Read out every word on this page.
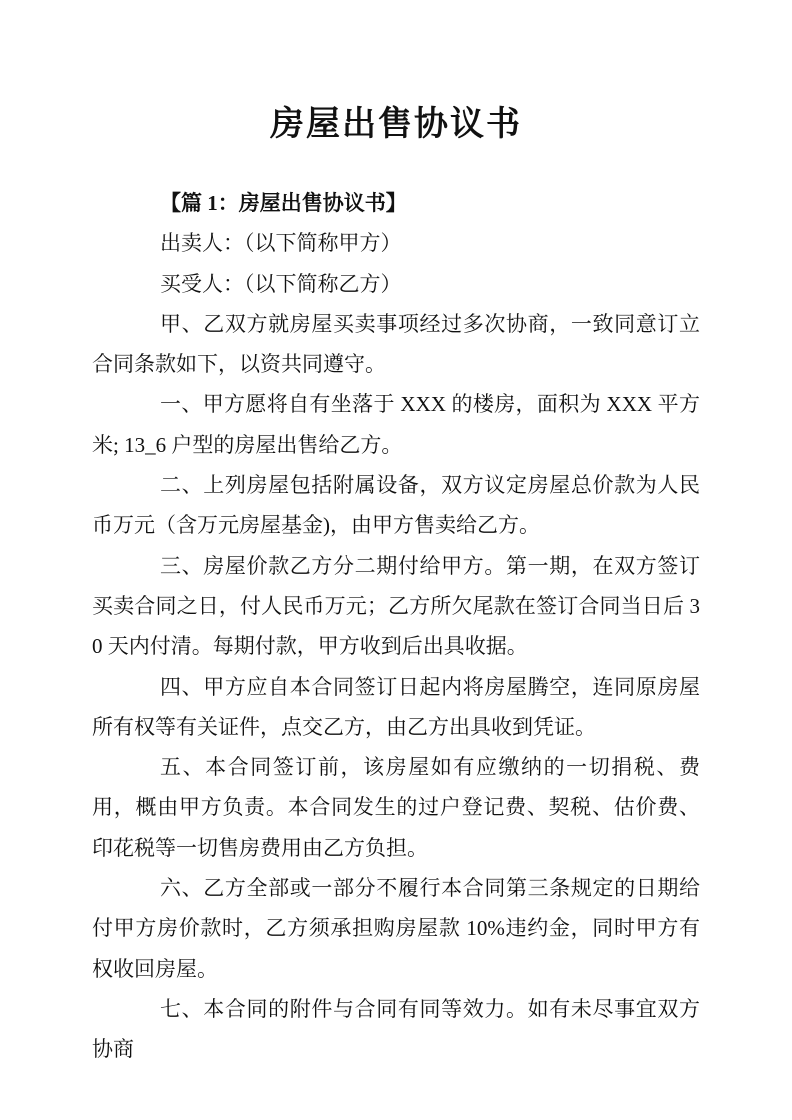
房屋出售协议书

【篇 1：房屋出售协议书】

出卖人：（以下简称甲方）

买受人：（以下简称乙方）

甲、乙双方就房屋买卖事项经过多次协商，一致同意订立合同条款如下，以资共同遵守。

一、甲方愿将自有坐落于 XXX 的楼房，面积为 XXX 平方米; 13_6 户型的房屋出售给乙方。

二、上列房屋包括附属设备，双方议定房屋总价款为人民币万元（含万元房屋基金)，由甲方售卖给乙方。

三、房屋价款乙方分二期付给甲方。第一期，在双方签订买卖合同之日，付人民币万元；乙方所欠尾款在签订合同当日后 30 天内付清。每期付款，甲方收到后出具收据。

四、甲方应自本合同签订日起内将房屋腾空，连同原房屋所有权等有关证件，点交乙方，由乙方出具收到凭证。

五、本合同签订前，该房屋如有应缴纳的一切捐税、费用，概由甲方负责。本合同发生的过户登记费、契税、估价费、印花税等一切售房费用由乙方负担。

六、乙方全部或一部分不履行本合同第三条规定的日期给付甲方房价款时，乙方须承担购房屋款 10%违约金，同时甲方有权收回房屋。

七、本合同的附件与合同有同等效力。如有未尽事宜双方协商
